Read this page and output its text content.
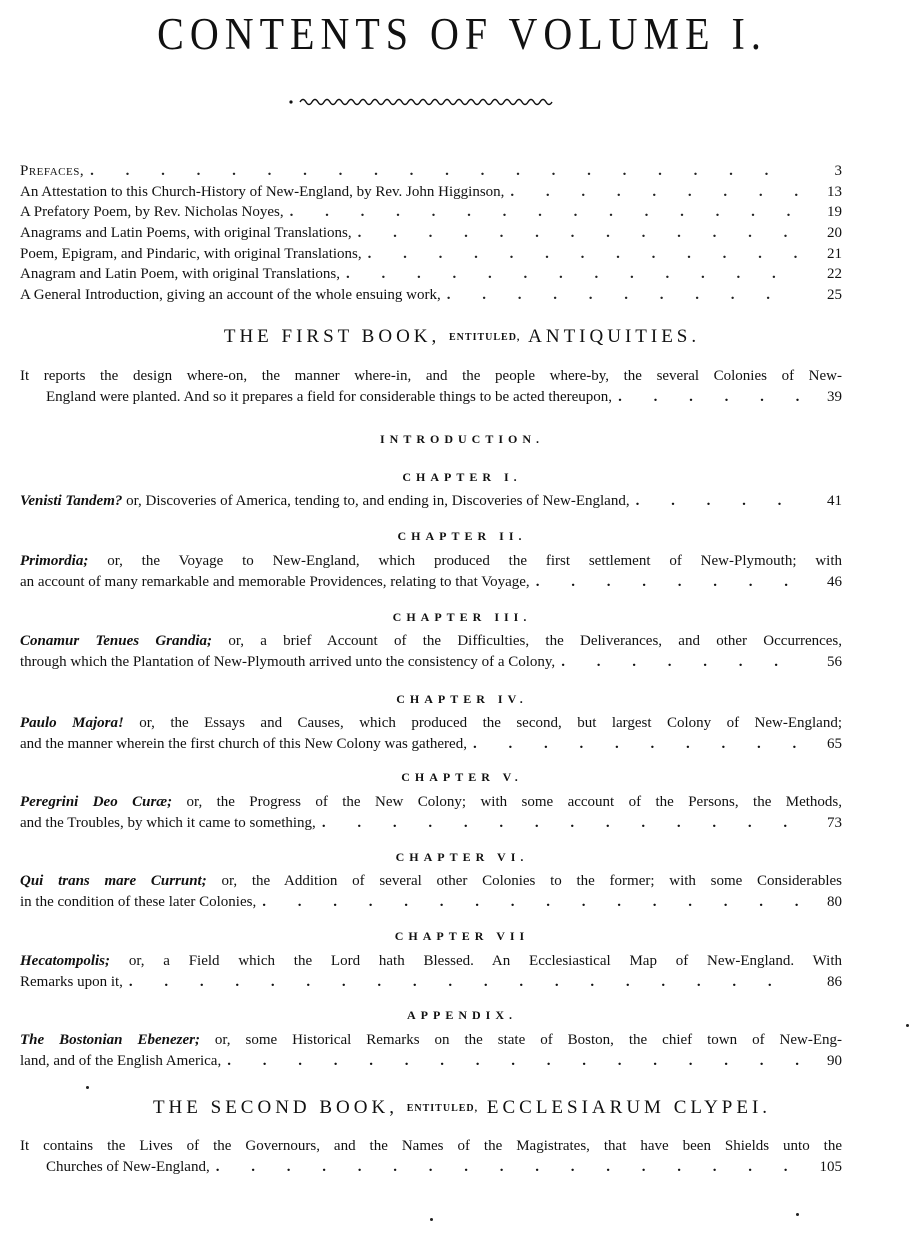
CONTENTS OF VOLUME I.
Prefaces, . . .	3
An Attestation to this Church-History of New-England, by Rev. John Higginson, . . .	13
A Prefatory Poem, by Rev. Nicholas Noyes, . . .	19
Anagrams and Latin Poems, with original Translations, . . .	20
Poem, Epigram, and Pindaric, with original Translations, . . .	21
Anagram and Latin Poem, with original Translations, . . .	22
A General Introduction, giving an account of the whole ensuing work, . . .	25
THE FIRST BOOK, ENTITULED, ANTIQUITIES.
It reports the design where-on, the manner where-in, and the people where-by, the several Colonies of New-
England were planted. And so it prepares a field for considerable things to be acted thereupon, . . .	39
INTRODUCTION.
CHAPTER I.
Venisti Tandem? or, Discoveries of America, tending to, and ending in, Discoveries of New-England, . . .	41
CHAPTER II.
Primordia; or, the Voyage to New-England, which produced the first settlement of New-Plymouth; with
an account of many remarkable and memorable Providences, relating to that Voyage, . . .	46
CHAPTER III.
Conamur Tenues Grandia; or, a brief Account of the Difficulties, the Deliverances, and other Occurrences,
through which the Plantation of New-Plymouth arrived unto the consistency of a Colony, . . .	56
CHAPTER IV.
Paulo Majora! or, the Essays and Causes, which produced the second, but largest Colony of New-England;
and the manner wherein the first church of this New Colony was gathered, . . .	65
CHAPTER V.
Peregrini Deo Curæ; or, the Progress of the New Colony; with some account of the Persons, the Methods,
and the Troubles, by which it came to something, . . .	73
CHAPTER VI.
Qui trans mare Currunt; or, the Addition of several other Colonies to the former; with some Considerables
in the condition of these later Colonies, . . .	80
CHAPTER VII
Hecatompolis; or, a Field which the Lord hath Blessed. An Ecclesiastical Map of New-England. With
Remarks upon it, . . .	86
APPENDIX.
The Bostonian Ebenezer; or, some Historical Remarks on the state of Boston, the chief town of New-Eng-
land, and of the English America, . . .	90
THE SECOND BOOK, ENTITULED, ECCLESIARUM CLYPEI.
It contains the Lives of the Governours, and the Names of the Magistrates, that have been Shields unto the
Churches of New-England, . . .	105
